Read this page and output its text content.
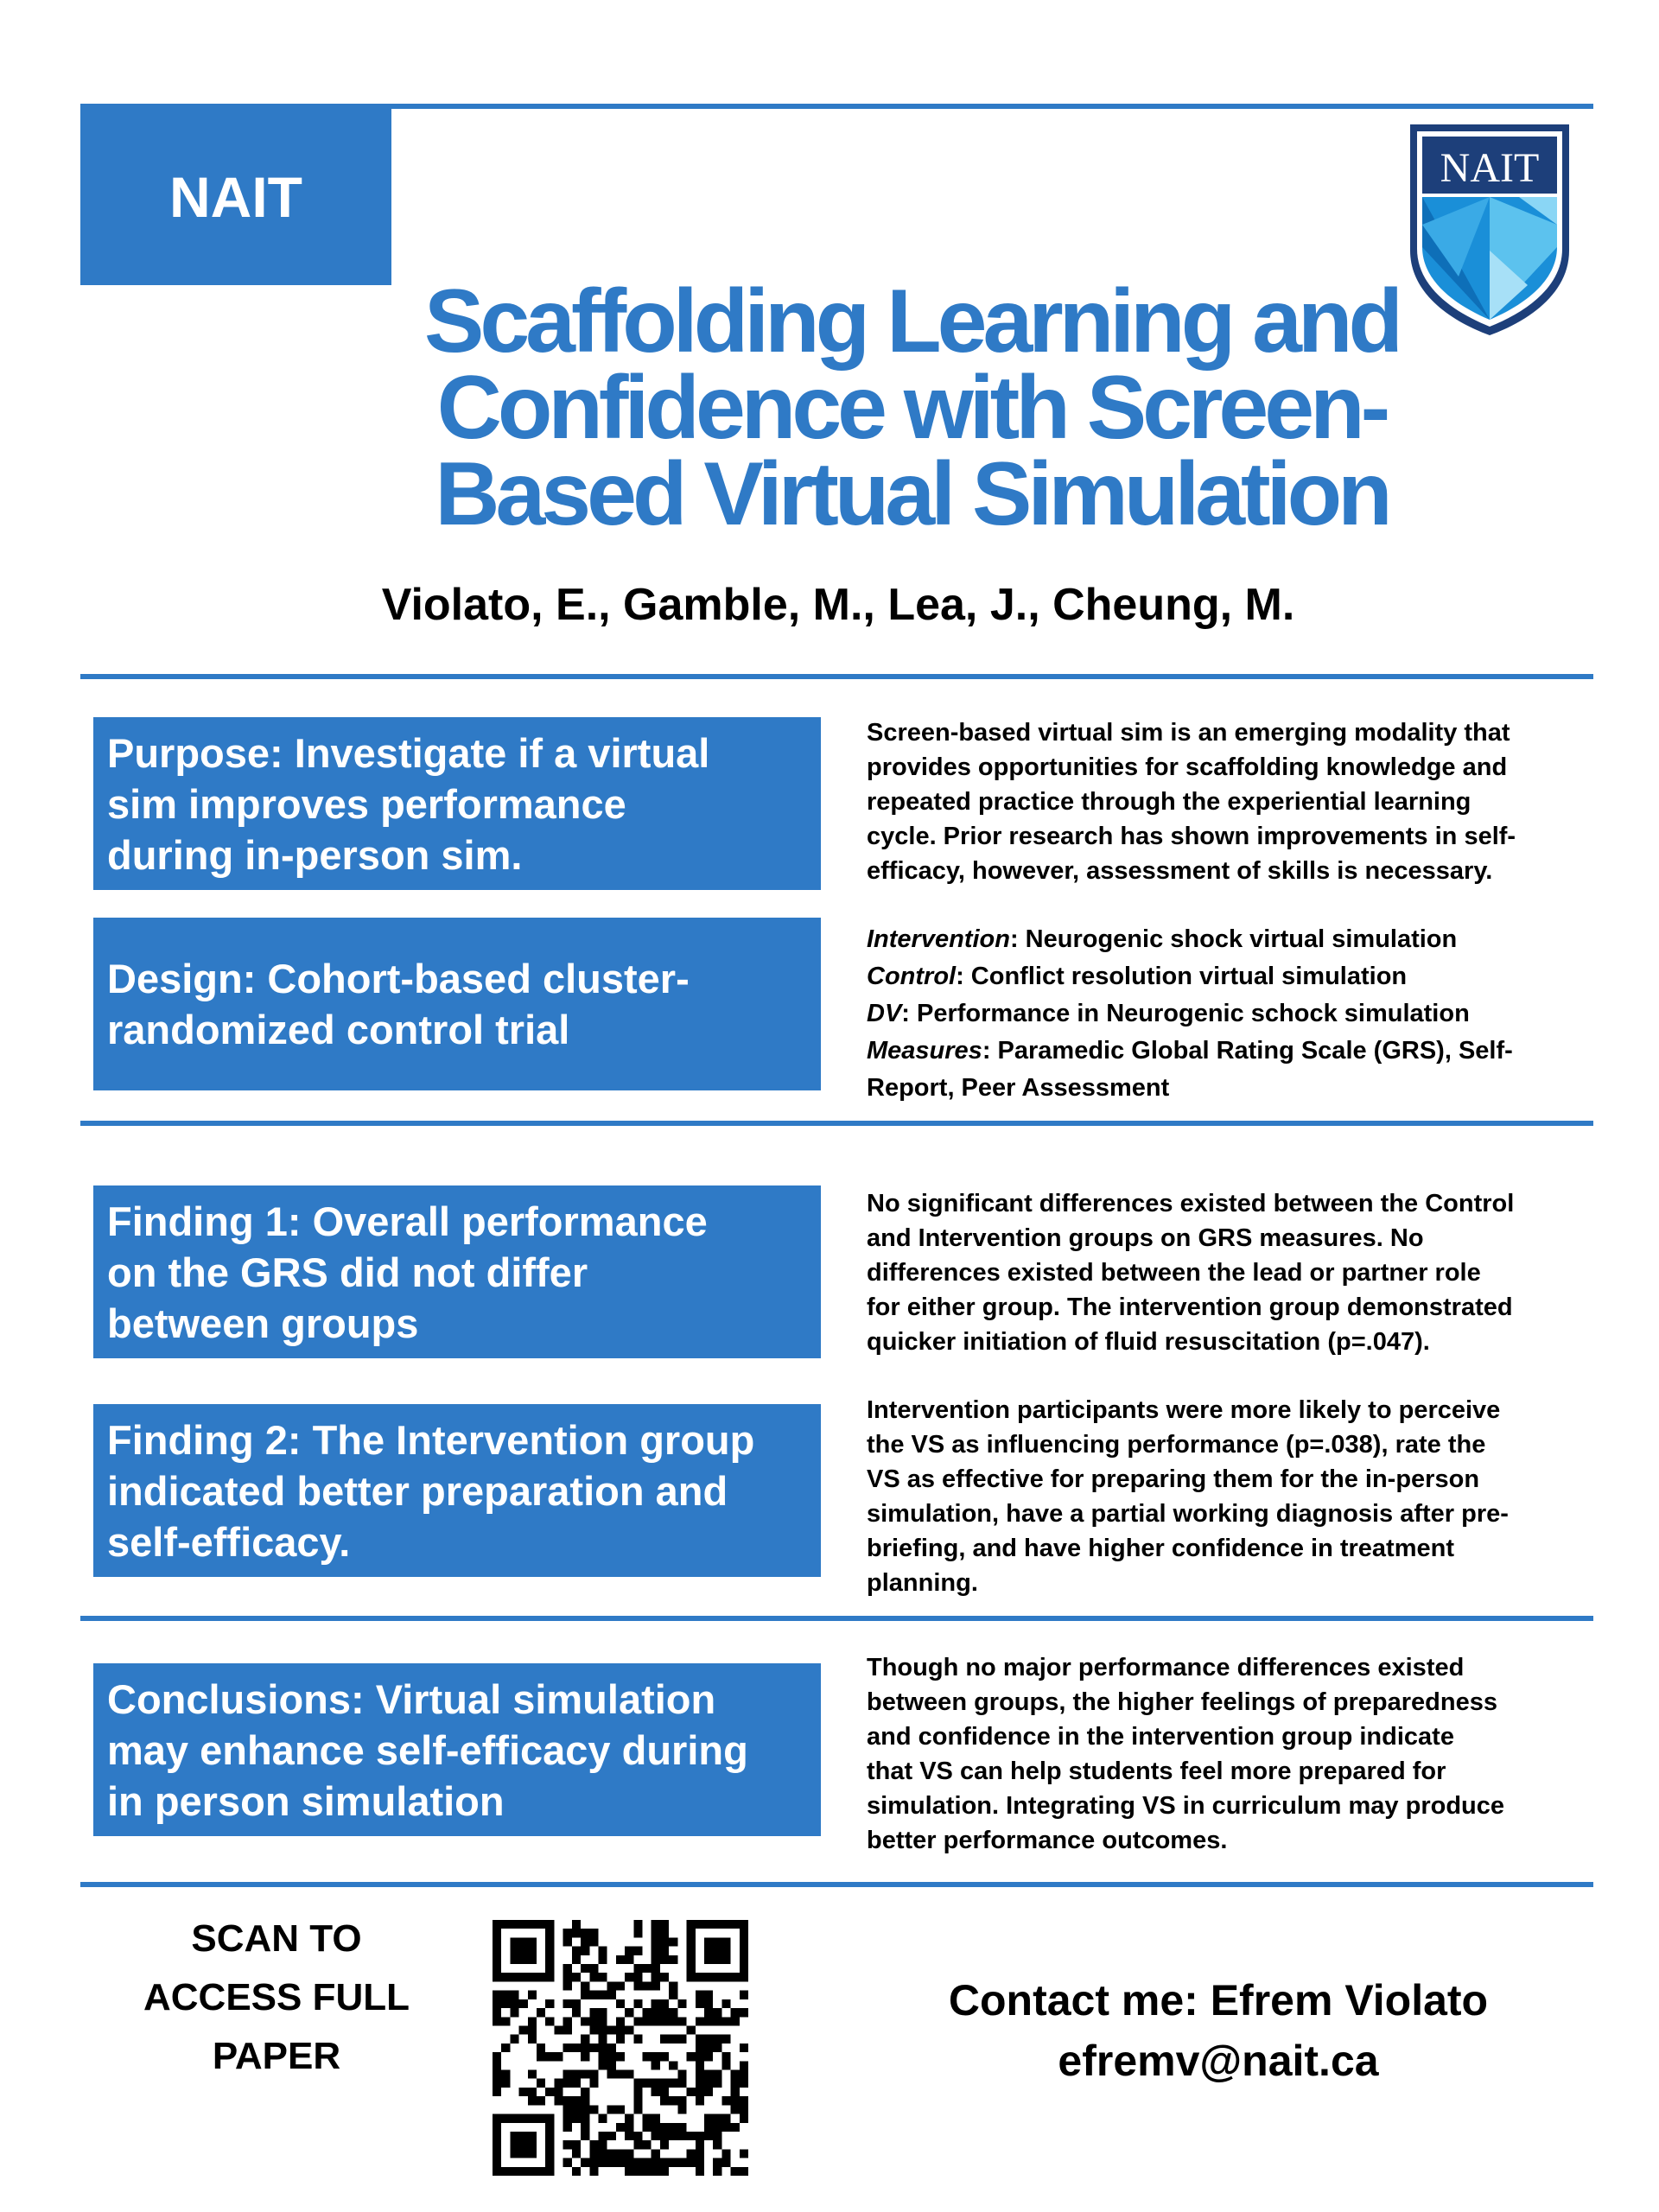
NAIT	NAIT
Scaffolding Learning and
Confidence with Screen-
Based Virtual Simulation
Violato, E., Gamble, M., Lea, J., Cheung, M.
Purpose: Investigate if a virtual
sim improves performance
during in-person sim.
Screen-based virtual sim is an emerging modality that
provides opportunities for scaffolding knowledge and
repeated practice through the experiential learning
cycle. Prior research has shown improvements in self-
efficacy, however, assessment of skills is necessary.
Design: Cohort-based cluster-
randomized control trial
Intervention: Neurogenic shock virtual simulation
Control: Conflict resolution virtual simulation
DV: Performance in Neurogenic schock simulation
Measures: Paramedic Global Rating Scale (GRS), Self-
Report, Peer Assessment
Finding 1: Overall performance
on the GRS did not differ
between groups
No significant differences existed between the Control
and Intervention groups on GRS measures. No
differences existed between the lead or partner role
for either group. The intervention group demonstrated
quicker initiation of fluid resuscitation (p=.047).
Finding 2: The Intervention group
indicated better preparation and
self-efficacy.
Intervention participants were more likely to perceive
the VS as influencing performance (p=.038), rate the
VS as effective for preparing them for the in-person
simulation, have a partial working diagnosis after pre-
briefing, and have higher confidence in treatment
planning.
Conclusions: Virtual simulation
may enhance self-efficacy during
in person simulation
Though no major performance differences existed
between groups, the higher feelings of preparedness
and confidence in the intervention group indicate
that VS can help students feel more prepared for
simulation. Integrating VS in curriculum may produce
better performance outcomes.
SCAN TO
ACCESS FULL
PAPER
Contact me: Efrem Violato
efremv@nait.ca
